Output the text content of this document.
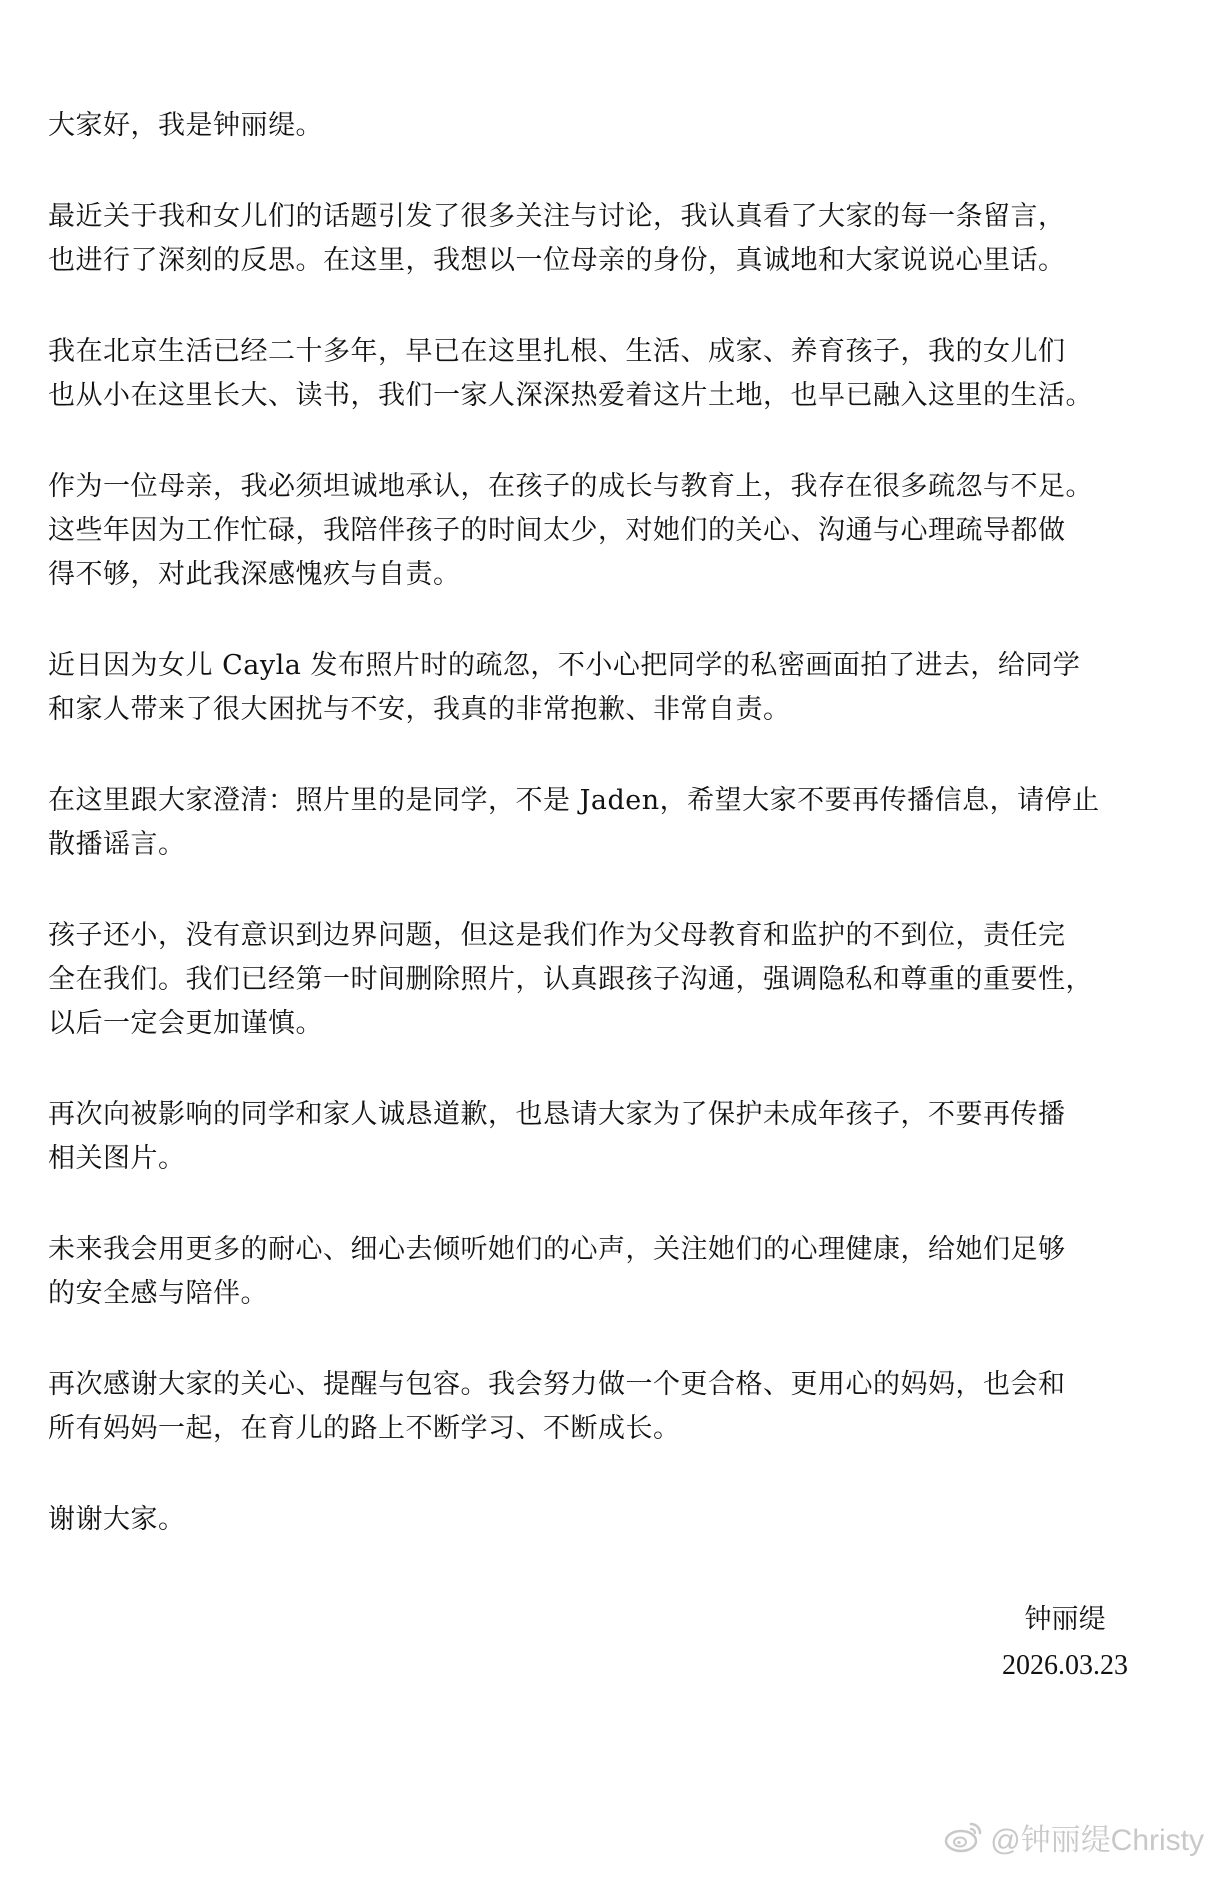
大家好，我是钟丽缇。
最近关于我和女儿们的话题引发了很多关注与讨论，我认真看了大家的每一条留言，
也进行了深刻的反思。在这里，我想以一位母亲的身份，真诚地和大家说说心里话。
我在北京生活已经二十多年，早已在这里扎根、生活、成家、养育孩子，我的女儿们
也从小在这里长大、读书，我们一家人深深热爱着这片土地，也早已融入这里的生活。
作为一位母亲，我必须坦诚地承认，在孩子的成长与教育上，我存在很多疏忽与不足。
这些年因为工作忙碌，我陪伴孩子的时间太少，对她们的关心、沟通与心理疏导都做
得不够，对此我深感愧疚与自责。
近日因为女儿 Cayla 发布照片时的疏忽，不小心把同学的私密画面拍了进去，给同学
和家人带来了很大困扰与不安，我真的非常抱歉、非常自责。
在这里跟大家澄清：照片里的是同学，不是 Jaden，希望大家不要再传播信息，请停止
散播谣言。
孩子还小，没有意识到边界问题，但这是我们作为父母教育和监护的不到位，责任完
全在我们。我们已经第一时间删除照片，认真跟孩子沟通，强调隐私和尊重的重要性，
以后一定会更加谨慎。
再次向被影响的同学和家人诚恳道歉，也恳请大家为了保护未成年孩子，不要再传播
相关图片。
未来我会用更多的耐心、细心去倾听她们的心声，关注她们的心理健康，给她们足够
的安全感与陪伴。
再次感谢大家的关心、提醒与包容。我会努力做一个更合格、更用心的妈妈，也会和
所有妈妈一起，在育儿的路上不断学习、不断成长。
谢谢大家。
钟丽缇
2026.03.23
@钟丽缇Christy
